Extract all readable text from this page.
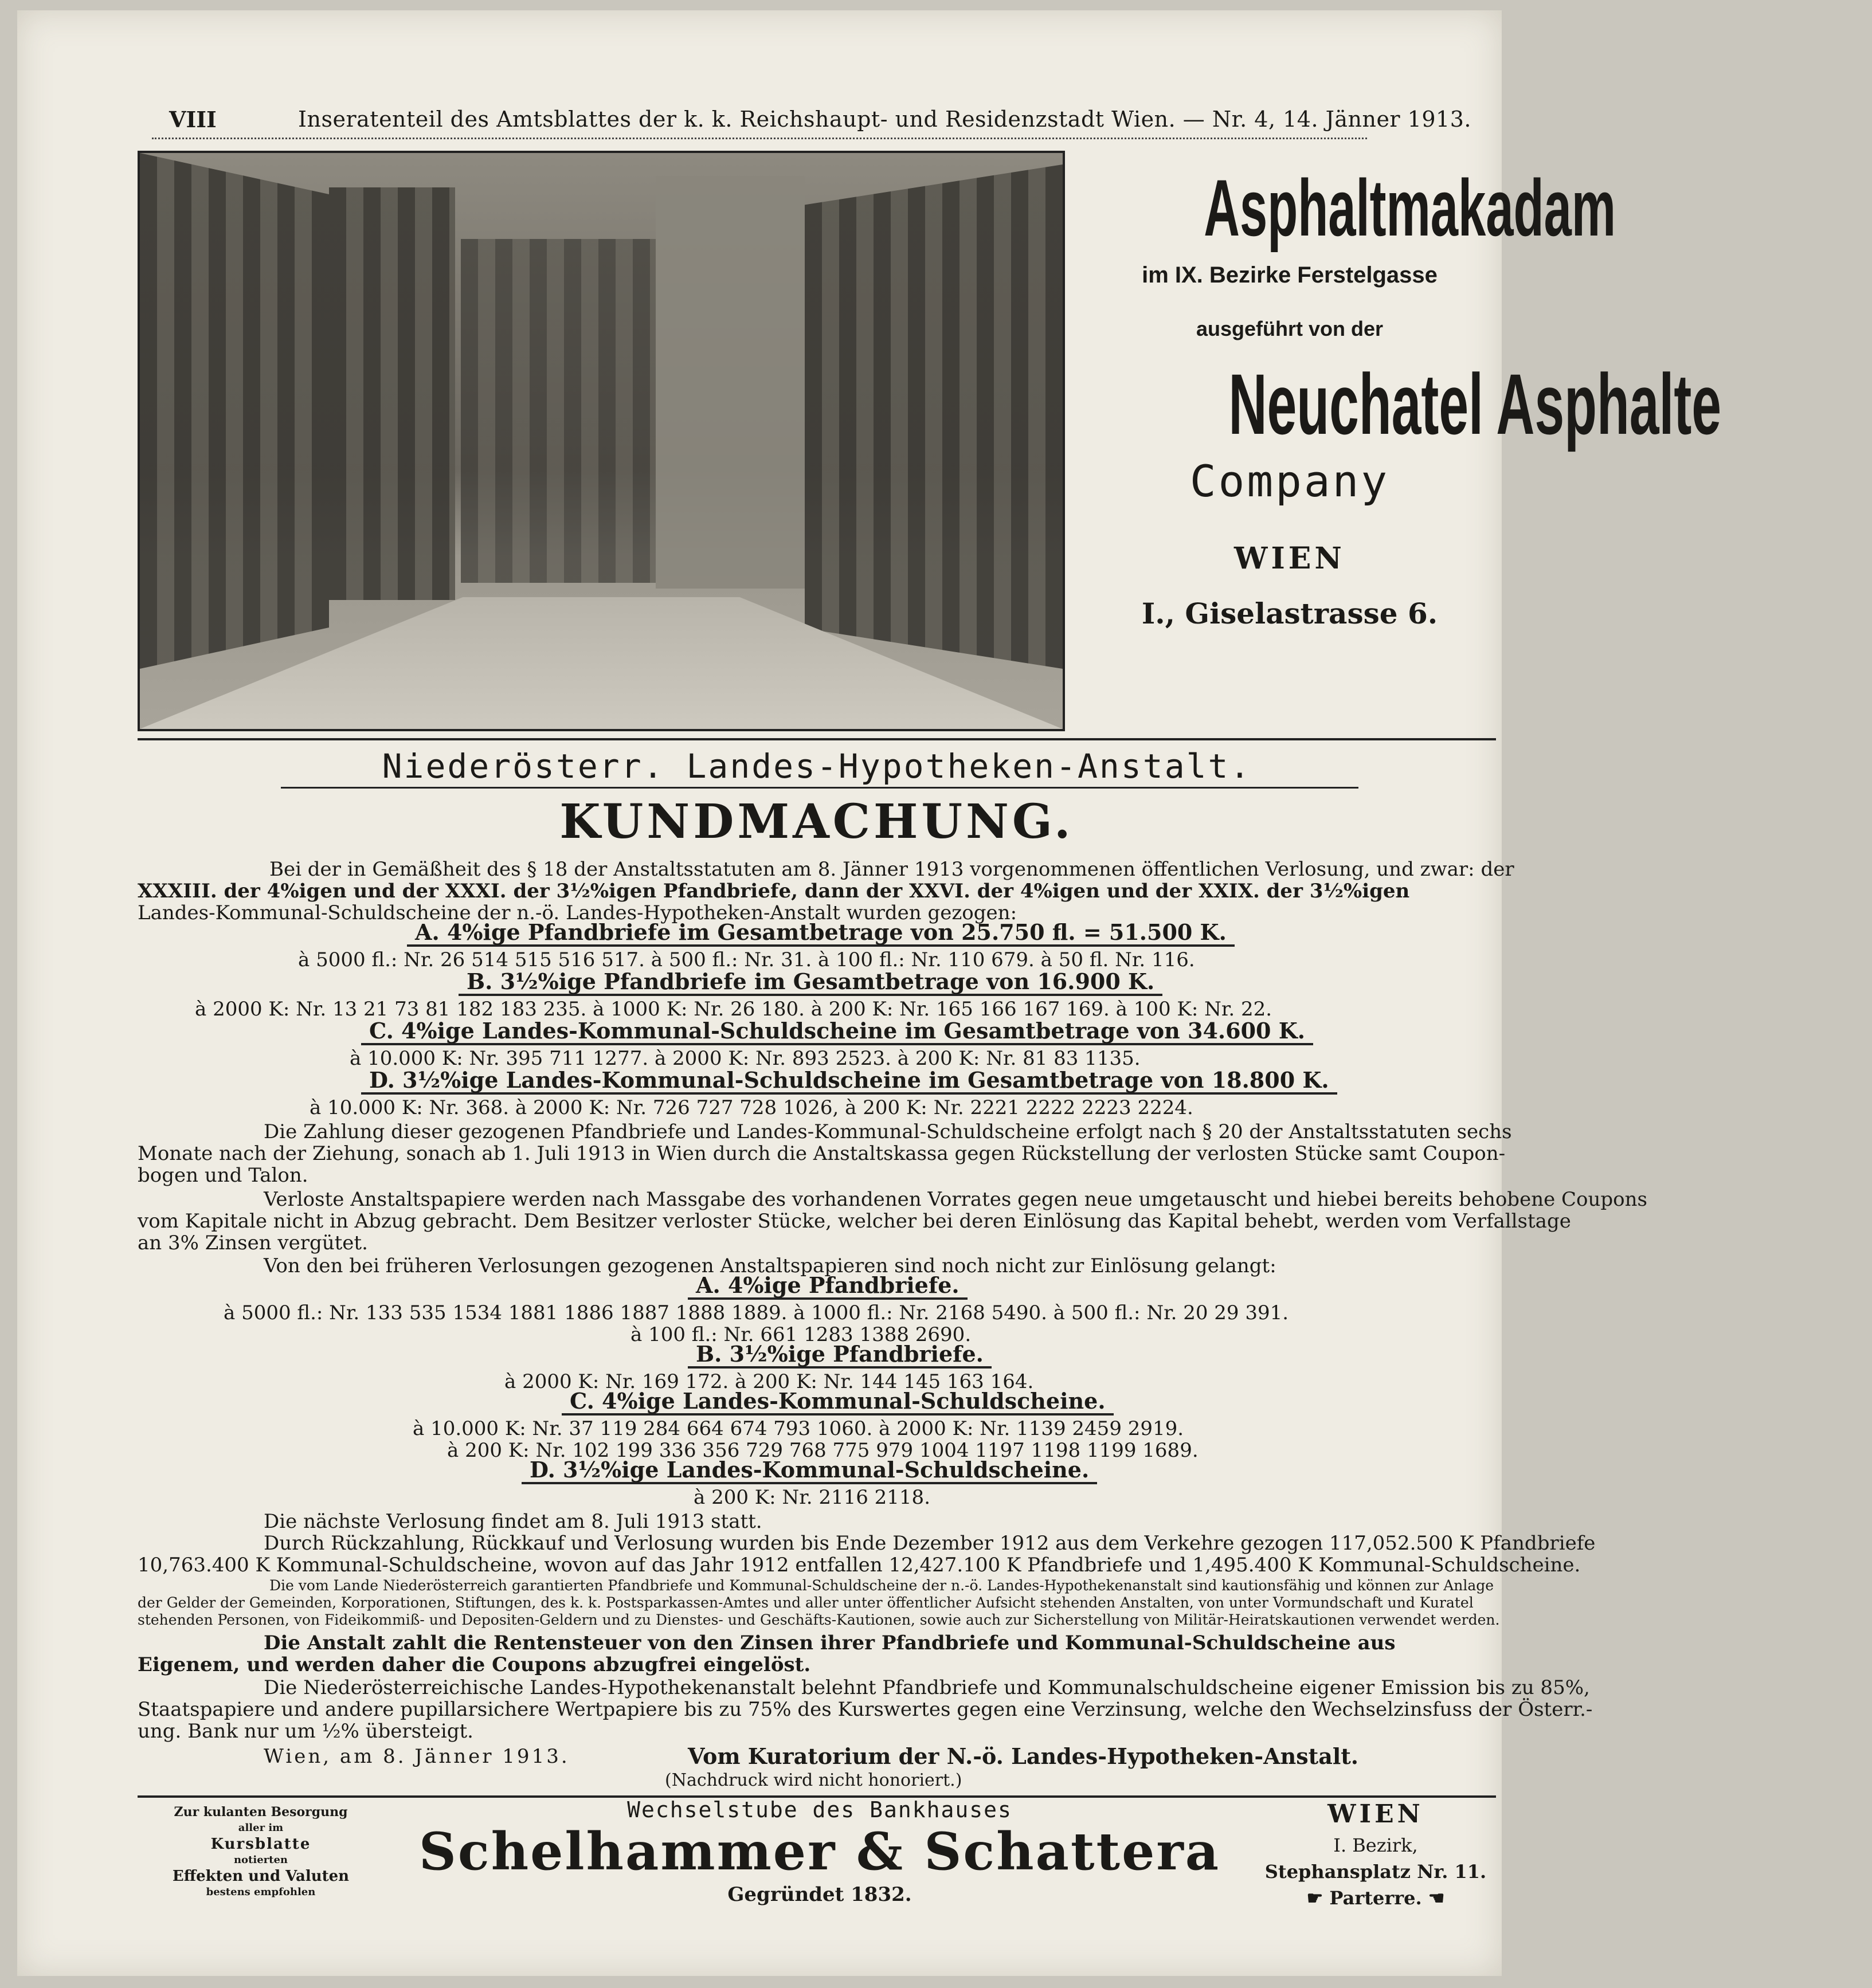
VIII	Inseratenteil des Amtsblattes der k. k. Reichshaupt- und Residenzstadt Wien. — Nr. 4, 14. Jänner 1913.
Asphaltmakadam
im IX. Bezirke Ferstelgasse
ausgeführt von der
Neuchatel Asphalte
Company
WIEN
I., Giselastrasse 6.
Niederösterr. Landes-Hypotheken-Anstalt.
KUNDMACHUNG.
Bei der in Gemäßheit des § 18 der Anstaltsstatuten am 8. Jänner 1913 vorgenommenen öffentlichen Verlosung, und zwar: der
XXXIII. der 4%igen und der XXXI. der 3½%igen Pfandbriefe, dann der XXVI. der 4%igen und der XXIX. der 3½%igen
Landes-Kommunal-Schuldscheine der n.-ö. Landes-Hypotheken-Anstalt wurden gezogen:
A. 4%ige Pfandbriefe im Gesamtbetrage von 25.750 fl. = 51.500 K.
à 5000 fl.: Nr. 26 514 515 516 517. à 500 fl.: Nr. 31. à 100 fl.: Nr. 110 679. à 50 fl. Nr. 116.
B. 3½%ige Pfandbriefe im Gesamtbetrage von 16.900 K.
à 2000 K: Nr. 13 21 73 81 182 183 235. à 1000 K: Nr. 26 180. à 200 K: Nr. 165 166 167 169. à 100 K: Nr. 22.
C. 4%ige Landes-Kommunal-Schuldscheine im Gesamtbetrage von 34.600 K.
à 10.000 K: Nr. 395 711 1277. à 2000 K: Nr. 893 2523. à 200 K: Nr. 81 83 1135.
D. 3½%ige Landes-Kommunal-Schuldscheine im Gesamtbetrage von 18.800 K.
à 10.000 K: Nr. 368. à 2000 K: Nr. 726 727 728 1026, à 200 K: Nr. 2221 2222 2223 2224.
Die Zahlung dieser gezogenen Pfandbriefe und Landes-Kommunal-Schuldscheine erfolgt nach § 20 der Anstaltsstatuten sechs
Monate nach der Ziehung, sonach ab 1. Juli 1913 in Wien durch die Anstaltskassa gegen Rückstellung der verlosten Stücke samt Coupon-
bogen und Talon.
Verloste Anstaltspapiere werden nach Massgabe des vorhandenen Vorrates gegen neue umgetauscht und hiebei bereits behobene Coupons
vom Kapitale nicht in Abzug gebracht. Dem Besitzer verloster Stücke, welcher bei deren Einlösung das Kapital behebt, werden vom Verfallstage
an 3% Zinsen vergütet.
Von den bei früheren Verlosungen gezogenen Anstaltspapieren sind noch nicht zur Einlösung gelangt:
A. 4%ige Pfandbriefe.
à 5000 fl.: Nr. 133 535 1534 1881 1886 1887 1888 1889. à 1000 fl.: Nr. 2168 5490. à 500 fl.: Nr. 20 29 391.
à 100 fl.: Nr. 661 1283 1388 2690.
B. 3½%ige Pfandbriefe.
à 2000 K: Nr. 169 172. à 200 K: Nr. 144 145 163 164.
C. 4%ige Landes-Kommunal-Schuldscheine.
à 10.000 K: Nr. 37 119 284 664 674 793 1060. à 2000 K: Nr. 1139 2459 2919.
à 200 K: Nr. 102 199 336 356 729 768 775 979 1004 1197 1198 1199 1689.
D. 3½%ige Landes-Kommunal-Schuldscheine.
à 200 K: Nr. 2116 2118.
Die nächste Verlosung findet am 8. Juli 1913 statt.
Durch Rückzahlung, Rückkauf und Verlosung wurden bis Ende Dezember 1912 aus dem Verkehre gezogen 117,052.500 K Pfandbriefe
10,763.400 K Kommunal-Schuldscheine, wovon auf das Jahr 1912 entfallen 12,427.100 K Pfandbriefe und 1,495.400 K Kommunal-Schuldscheine.
Die vom Lande Niederösterreich garantierten Pfandbriefe und Kommunal-Schuldscheine der n.-ö. Landes-Hypothekenanstalt sind kautionsfähig und können zur Anlage
der Gelder der Gemeinden, Korporationen, Stiftungen, des k. k. Postsparkassen-Amtes und aller unter öffentlicher Aufsicht stehenden Anstalten, von unter Vormundschaft und Kuratel
stehenden Personen, von Fideikommiß- und Depositen-Geldern und zu Dienstes- und Geschäfts-Kautionen, sowie auch zur Sicherstellung von Militär-Heiratskautionen verwendet werden.
Die Anstalt zahlt die Rentensteuer von den Zinsen ihrer Pfandbriefe und Kommunal-Schuldscheine aus
Eigenem, und werden daher die Coupons abzugfrei eingelöst.
Die Niederösterreichische Landes-Hypothekenanstalt belehnt Pfandbriefe und Kommunalschuldscheine eigener Emission bis zu 85%,
Staatspapiere und andere pupillarsichere Wertpapiere bis zu 75% des Kurswertes gegen eine Verzinsung, welche den Wechselzinsfuss der Österr.-
ung. Bank nur um ½% übersteigt.
Wien, am 8. Jänner 1913.	Vom Kuratorium der N.-ö. Landes-Hypotheken-Anstalt.
(Nachdruck wird nicht honoriert.)
Zur kulanten Besorgung
aller im
Kursblatte
notierten
Effekten und Valuten
bestens empfohlen
Wechselstube des Bankhauses
Schelhammer & Schattera
Gegründet 1832.
WIEN
I. Bezirk,
Stephansplatz Nr. 11.
☛ Parterre. ☚
